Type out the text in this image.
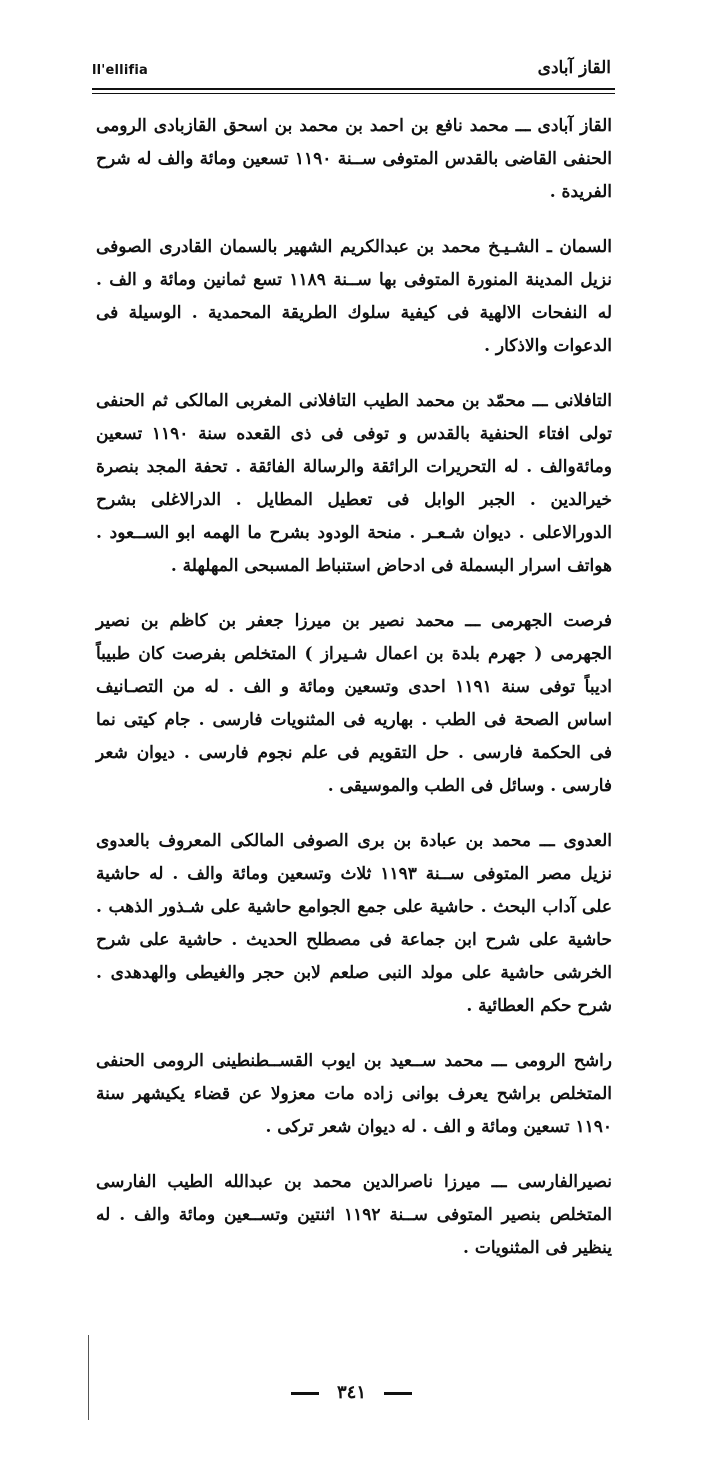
ll'ellifia	القاز آبادى

القاز آبادى ـــ محمد نافع بن احمد بن محمد بن اسحق القازبادى الرومى الحنفى القاضى بالقدس المتوفى ســنة ١١٩٠ تسعين ومائة والف له شرح الفريدة .

السمان ـ الشـيـخ محمد بن عبدالكريم الشهير بالسمان القادرى الصوفى نزيل المدينة المنورة المتوفى بها ســنة ١١٨٩ تسع ثمانين ومائة و الف . له النفحات الالهية فى كيفية سلوك الطريقة المحمدية . الوسيلة فى الدعوات والاذكار .

التافلانى ـــ محمّد بن محمد الطيب التافلانى المغربى المالكى ثم الحنفى تولى افتاء الحنفية بالقدس و توفى فى ذى القعده سنة ١١٩٠ تسعين ومائةوالف . له التحريرات الرائقة والرسالة الفائقة . تحفة المجد بنصرة خيرالدين . الجبر الوابل فى تعطيل المطايل . الدرالاغلى بشرح الدورالاعلى . ديوان شـعـر . منحة الودود بشرح ما الهمه ابو الســعود . هواتف اسرار البسملة فى ادحاض استنباط المسبحى المهلهلة .

فرصت الجهرمى ـــ محمد نصير بن ميرزا جعفر بن كاظم بن نصير الجهرمى ( جهرم بلدة بن اعمال شـيراز ) المتخلص بفرصت كان طبيباً اديباً توفى سنة ١١٩١ احدى وتسعين ومائة و الف . له من التصـانيف اساس الصحة فى الطب . بهاريه فى المثنويات فارسى . جام كيتى نما فى الحكمة فارسى . حل التقويم فى علم نجوم فارسى . ديوان شعر فارسى . وسائل فى الطب والموسيقى .

العدوى ـــ محمد بن عبادة بن برى الصوفى المالكى المعروف بالعدوى نزيل مصر المتوفى ســنة ١١٩٣ ثلاث وتسعين ومائة والف . له حاشية على آداب البحث . حاشية على جمع الجوامع حاشية على شـذور الذهب . حاشية على شرح ابن جماعة فى مصطلح الحديث . حاشية على شرح الخرشى حاشية على مولد النبى صلعم لابن حجر والغيطى والهدهدى . شرح حكم العطائية .

راشح الرومى ـــ محمد ســعيد بن ايوب القســطنطينى الرومى الحنفى المتخلص براشح يعرف بوانى زاده مات معزولا عن قضاء يكيشهر سنة ١١٩٠ تسعين ومائة و الف . له ديوان شعر تركى .

نصيرالفارسى ـــ ميرزا ناصرالدين محمد بن عبدالله الطيب الفارسى المتخلص بنصير المتوفى ســنة ١١٩٢ اثنتين وتســعين ومائة والف . له ينظير فى المثنويات .

٣٤١
